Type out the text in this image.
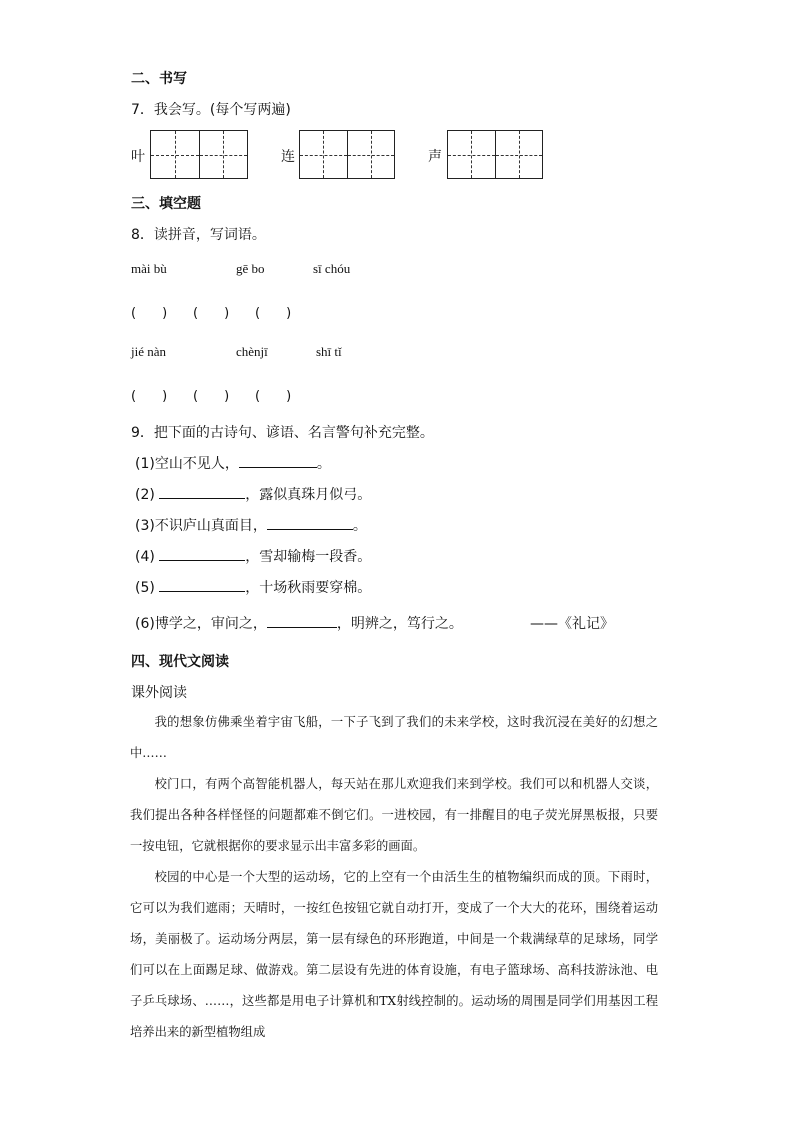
二、书写
7．我会写。(每个写两遍)
叶	连	声
三、填空题
8．读拼音，写词语。
mài bù	gē bo	sī chóu
(　　) (　　) (　　)
jié nàn	chènjī	shī tǐ
(　　) (　　) (　　)
9．把下面的古诗句、谚语、名言警句补充完整。
(1)空山不见人，	。
(2)	，露似真珠月似弓。
(3)不识庐山真面目，	。
(4)	，雪却输梅一段香。
(5)	，十场秋雨要穿棉。
(6)博学之，审问之，	，明辨之，笃行之。	——《礼记》
四、现代文阅读
课外阅读

我的想象仿佛乘坐着宇宙飞船，一下子飞到了我们的未来学校，这时我沉浸在美好的幻想之中……

校门口，有两个高智能机器人，每天站在那儿欢迎我们来到学校。我们可以和机器人交谈，我们提出各种各样怪怪的问题都难不倒它们。一进校园，有一排醒目的电子荧光屏黑板报，只要一按电钮，它就根据你的要求显示出丰富多彩的画面。

校园的中心是一个大型的运动场，它的上空有一个由活生生的植物编织而成的顶。下雨时，它可以为我们遮雨；天晴时，一按红色按钮它就自动打开，变成了一个大大的花环，围绕着运动场，美丽极了。运动场分两层，第一层有绿色的环形跑道，中间是一个栽满绿草的足球场，同学们可以在上面踢足球、做游戏。第二层设有先进的体育设施，有电子篮球场、高科技游泳池、电子乒乓球场、……，这些都是用电子计算机和TX射线控制的。运动场的周围是同学们用基因工程培养出来的新型植物组成
